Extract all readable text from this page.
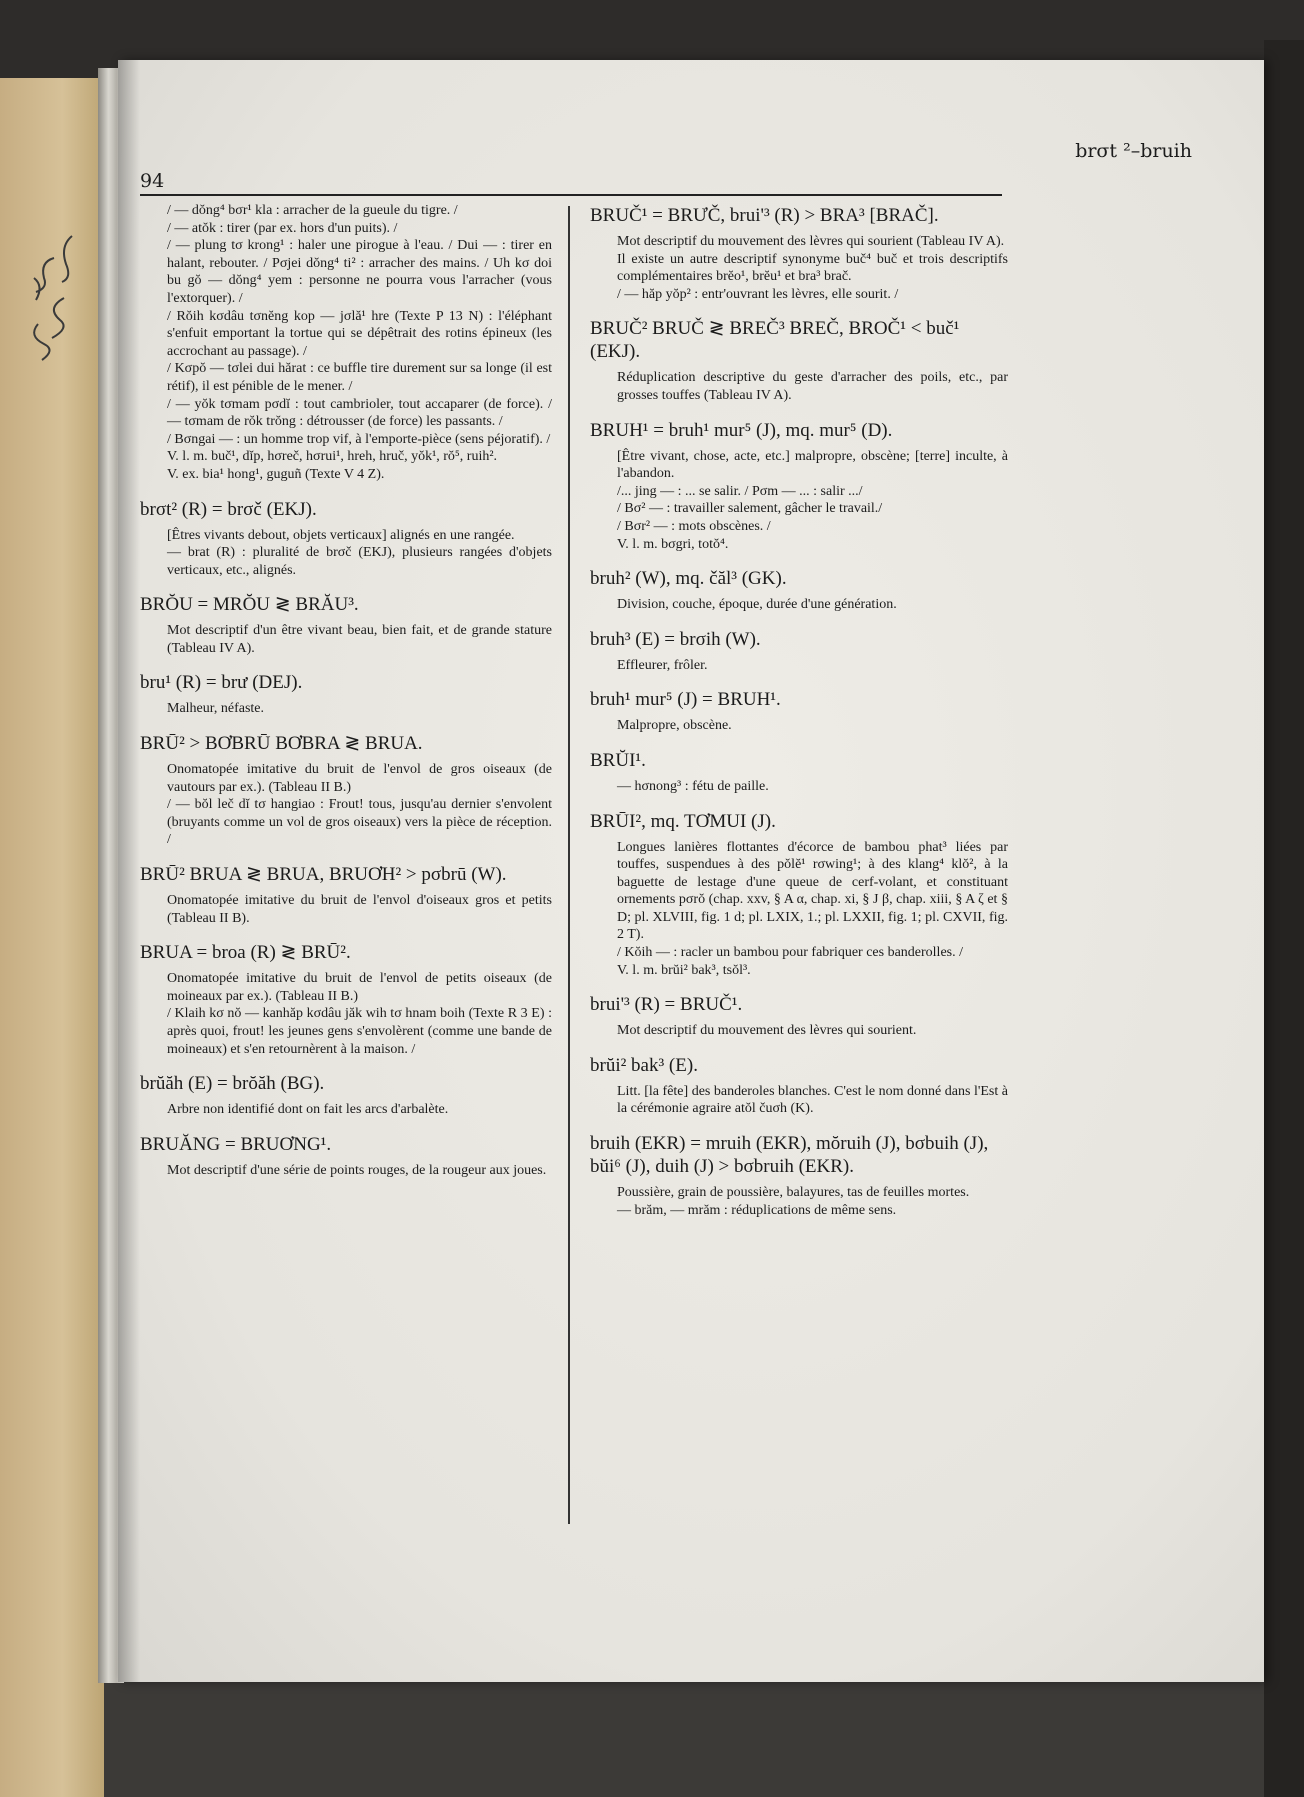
94
brσt ²–bruih

/ — dŏng⁴ bσr¹ kla : arracher de la gueule du tigre. /

/ — atŏk : tirer (par ex. hors d'un puits). /

/ — plung tσ krong¹ : haler une pirogue à l'eau. / Dui — : tirer en halant, rebouter. / Pσjei dŏng⁴ ti² : arracher des mains. / Uh kσ doi bu gŏ — dŏng⁴ yem : personne ne pourra vous l'arracher (vous l'extorquer). /

/ Rŏih kσdâu tσnĕng kop — jσlă¹ hre (Texte P 13 N) : l'éléphant s'enfuit emportant la tortue qui se dépêtrait des rotins épineux (les accrochant au passage). /

/ Kσpŏ — tσlei dui hărat : ce buffle tire durement sur sa longe (il est rétif), il est pénible de le mener. /

/ — yŏk tσmam pσdĭ : tout cambrioler, tout accaparer (de force). / — tσmam de rŏk trŏng : détrousser (de force) les passants. /

/ Bσngai — : un homme trop vif, à l'emporte-pièce (sens péjoratif). /

V. l. m. buč¹, dĭp, hσreč, hσrui¹, hreh, hruč, yŏk¹, rŏ⁵, ruih².

V. ex. bia¹ hong¹, guguñ (Texte V 4 Z).

brσt² (R) = brσč (EKJ).

[Êtres vivants debout, objets verticaux] alignés en une rangée.

— brat (R) : pluralité de brσč (EKJ), plusieurs rangées d'objets verticaux, etc., alignés.

BRŎU = MRŎU ≷ BRĂU³.

Mot descriptif d'un être vivant beau, bien fait, et de grande stature (Tableau IV A).

bru¹ (R) = brư (DEJ).

Malheur, néfaste.

BRŪ² > BƠBRŪ BƠBRA ≷ BRUA.

Onomatopée imitative du bruit de l'envol de gros oiseaux (de vautours par ex.). (Tableau II B.)

/ — bŏl leč dĭ tσ hangiao : Frout! tous, jusqu'au dernier s'envolent (bruyants comme un vol de gros oiseaux) vers la pièce de réception. /

BRŪ² BRUA ≷ BRUA, BRUƠH² > pσbrū (W).

Onomatopée imitative du bruit de l'envol d'oiseaux gros et petits (Tableau II B).

BRUA = broa (R) ≷ BRŪ².

Onomatopée imitative du bruit de l'envol de petits oiseaux (de moineaux par ex.). (Tableau II B.)

/ Klaih kσ nŏ — kanhăp kσdâu jăk wih tσ hnam boih (Texte R 3 E) : après quoi, frout! les jeunes gens s'envolèrent (comme une bande de moineaux) et s'en retournèrent à la maison. /

brŭăh (E) = brŏăh (BG).

Arbre non identifié dont on fait les arcs d'arbalète.

BRUĂNG = BRUƠNG¹.

Mot descriptif d'une série de points rouges, de la rougeur aux joues.

BRUČ¹ = BRƯČ, brui'³ (R) > BRA³ [BRAČ].

Mot descriptif du mouvement des lèvres qui sourient (Tableau IV A).

Il existe un autre descriptif synonyme buč⁴ buč et trois descriptifs complémentaires brĕo¹, brĕu¹ et bra³ brač.

/ — hăp yŏp² : entr'ouvrant les lèvres, elle sourit. /

BRUČ² BRUČ ≷ BREČ³ BREČ, BROČ¹ < buč¹ (EKJ).

Réduplication descriptive du geste d'arracher des poils, etc., par grosses touffes (Tableau IV A).

BRUH¹ = bruh¹ mur⁵ (J), mq. mur⁵ (D).

[Être vivant, chose, acte, etc.] malpropre, obscène; [terre] inculte, à l'abandon.

/... jing — : ... se salir. / Pσm — ... : salir .../

/ Bσ² — : travailler salement, gâcher le travail./

/ Bσr² — : mots obscènes. /

V. l. m. bσgri, totŏ⁴.

bruh² (W), mq. čăl³ (GK).

Division, couche, époque, durée d'une génération.

bruh³ (E) = brσih (W).

Effleurer, frôler.

bruh¹ mur⁵ (J) = BRUH¹.

Malpropre, obscène.

BRŬI¹.

— hσnong³ : fétu de paille.

BRŪI², mq. TƠMUI (J).

Longues lanières flottantes d'écorce de bambou phat³ liées par touffes, suspendues à des pŏlĕ¹ rσwing¹; à des klang⁴ klŏ², à la baguette de lestage d'une queue de cerf-volant, et constituant ornements pσrŏ (chap. xxv, § A α, chap. xi, § J β, chap. xiii, § A ζ et § D; pl. XLVIII, fig. 1 d; pl. LXIX, 1.; pl. LXXII, fig. 1; pl. CXVII, fig. 2 T).

/ Kŏih — : racler un bambou pour fabriquer ces banderolles. /

V. l. m. brŭi² bak³, tsŏl³.

brui'³ (R) = BRUČ¹.

Mot descriptif du mouvement des lèvres qui sourient.

brŭi² bak³ (E).

Litt. [la fête] des banderoles blanches. C'est le nom donné dans l'Est à la cérémonie agraire atŏl čuσh (K).

bruih (EKR) = mruih (EKR), mŏruih (J), bσbuih (J), bŭi⁶ (J), duih (J) > bσbruih (EKR).

Poussière, grain de poussière, balayures, tas de feuilles mortes.

— brăm, — mrăm : réduplications de même sens.
